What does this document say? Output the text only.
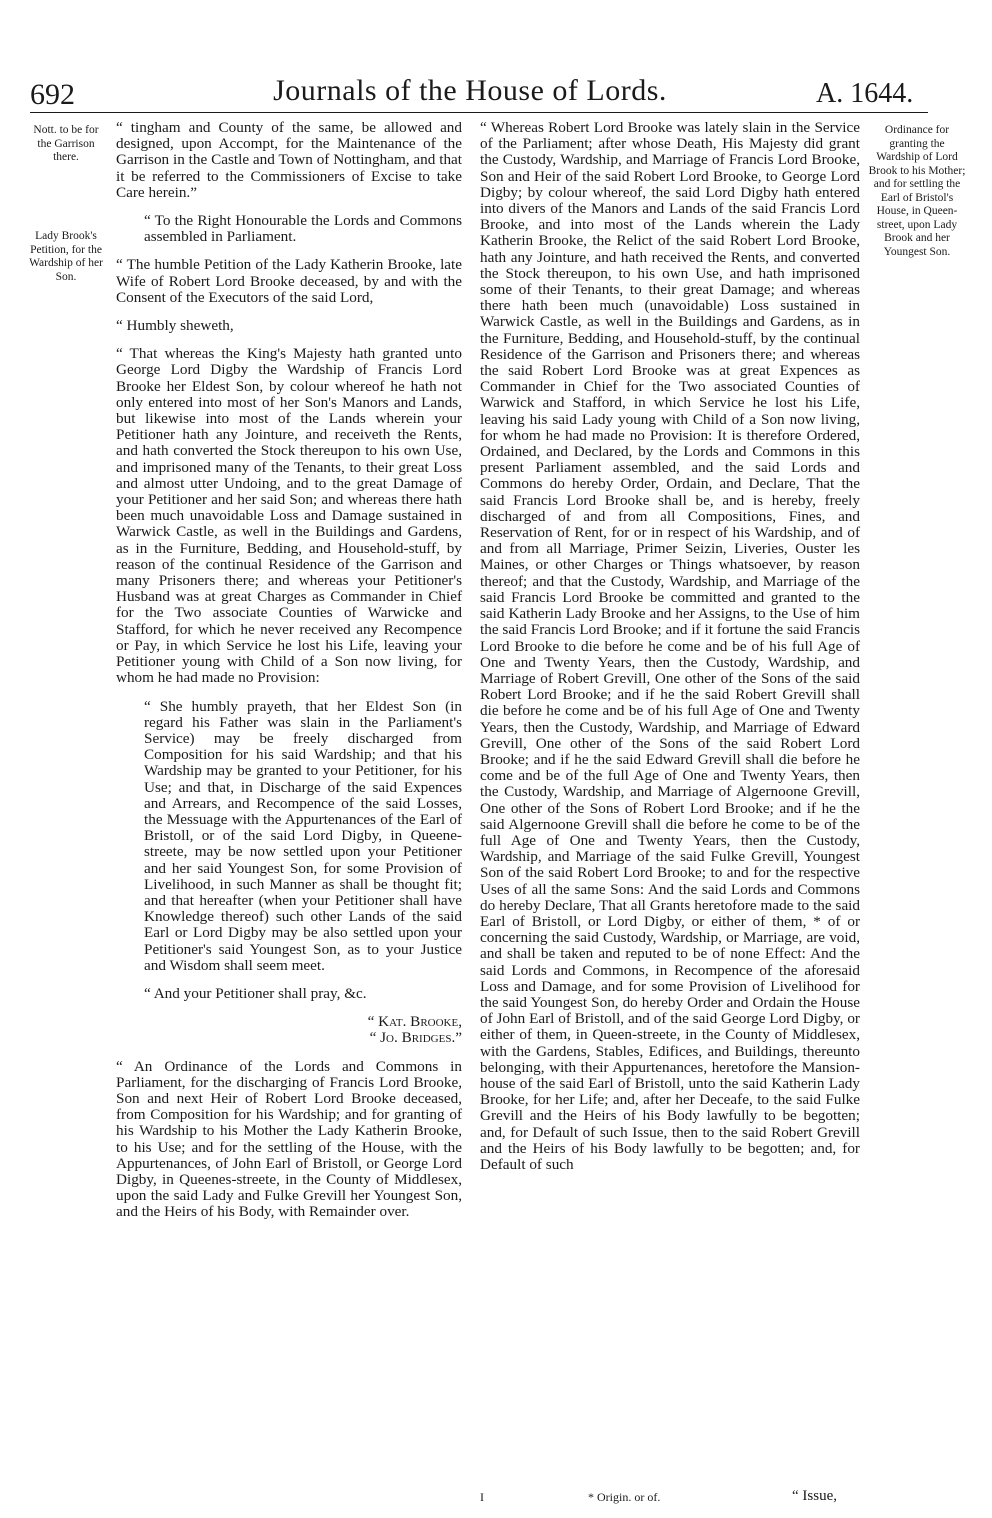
692	Journals of the House of Lords.	A. 1644.
Nott. to be for the Garrison there.
Lady Brook's Petition, for the Wardship of her Son.
Ordinance for granting the Wardship of Lord Brook to his Mother; and for settling the Earl of Bristol's House, in Queen-street, upon Lady Brook and her Youngest Son.

“ tingham and County of the same, be allowed and designed, upon Accompt, for the Maintenance of the Garrison in the Castle and Town of Nottingham, and that it be referred to the Commissioners of Excise to take Care herein.”

“ To the Right Honourable the Lords and Commons assembled in Parliament.

“ The humble Petition of the Lady Katherin Brooke, late Wife of Robert Lord Brooke deceased, by and with the Consent of the Executors of the said Lord,

“ Humbly sheweth,

“ That whereas the King's Majesty hath granted unto George Lord Digby the Wardship of Francis Lord Brooke her Eldest Son, by colour whereof he hath not only entered into most of her Son's Manors and Lands, but likewise into most of the Lands wherein your Petitioner hath any Jointure, and receiveth the Rents, and hath converted the Stock thereupon to his own Use, and imprisoned many of the Tenants, to their great Loss and almost utter Undoing, and to the great Damage of your Petitioner and her said Son; and whereas there hath been much unavoidable Loss and Damage sustained in Warwick Castle, as well in the Buildings and Gardens, as in the Furniture, Bedding, and Household-stuff, by reason of the continual Residence of the Garrison and many Prisoners there; and whereas your Petitioner's Husband was at great Charges as Commander in Chief for the Two associate Counties of Warwicke and Stafford, for which he never received any Recompence or Pay, in which Service he lost his Life, leaving your Petitioner young with Child of a Son now living, for whom he had made no Provision:

“ She humbly prayeth, that her Eldest Son (in regard his Father was slain in the Parliament's Service) may be freely discharged from Composition for his said Wardship; and that his Wardship may be granted to your Petitioner, for his Use; and that, in Discharge of the said Expences and Arrears, and Recompence of the said Losses, the Messuage with the Appurtenances of the Earl of Bristoll, or of the said Lord Digby, in Queene-streete, may be now settled upon your Petitioner and her said Youngest Son, for some Provision of Livelihood, in such Manner as shall be thought fit; and that hereafter (when your Petitioner shall have Knowledge thereof) such other Lands of the said Earl or Lord Digby may be also settled upon your Petitioner's said Youngest Son, as to your Justice and Wisdom shall seem meet.

“ And your Petitioner shall pray, &c.

“ Kat. Brooke,

“ Jo. Bridges.”

“ An Ordinance of the Lords and Commons in Parliament, for the discharging of Francis Lord Brooke, Son and next Heir of Robert Lord Brooke deceased, from Composition for his Wardship; and for granting of his Wardship to his Mother the Lady Katherin Brooke, to his Use; and for the settling of the House, with the Appurtenances, of John Earl of Bristoll, or George Lord Digby, in Queenes-streete, in the County of Middlesex, upon the said Lady and Fulke Grevill her Youngest Son, and the Heirs of his Body, with Remainder over.

“ Whereas Robert Lord Brooke was lately slain in the Service of the Parliament; after whose Death, His Majesty did grant the Custody, Wardship, and Marriage of Francis Lord Brooke, Son and Heir of the said Robert Lord Brooke, to George Lord Digby; by colour whereof, the said Lord Digby hath entered into divers of the Manors and Lands of the said Francis Lord Brooke, and into most of the Lands wherein the Lady Katherin Brooke, the Relict of the said Robert Lord Brooke, hath any Jointure, and hath received the Rents, and converted the Stock thereupon, to his own Use, and hath imprisoned some of their Tenants, to their great Damage; and whereas there hath been much (unavoidable) Loss sustained in Warwick Castle, as well in the Buildings and Gardens, as in the Furniture, Bedding, and Household-stuff, by the continual Residence of the Garrison and Prisoners there; and whereas the said Robert Lord Brooke was at great Expences as Commander in Chief for the Two associated Counties of Warwick and Stafford, in which Service he lost his Life, leaving his said Lady young with Child of a Son now living, for whom he had made no Provision: It is therefore Ordered, Ordained, and Declared, by the Lords and Commons in this present Parliament assembled, and the said Lords and Commons do hereby Order, Ordain, and Declare, That the said Francis Lord Brooke shall be, and is hereby, freely discharged of and from all Compositions, Fines, and Reservation of Rent, for or in respect of his Wardship, and of and from all Marriage, Primer Seizin, Liveries, Ouster les Maines, or other Charges or Things whatsoever, by reason thereof; and that the Custody, Wardship, and Marriage of the said Francis Lord Brooke be committed and granted to the said Katherin Lady Brooke and her Assigns, to the Use of him the said Francis Lord Brooke; and if it fortune the said Francis Lord Brooke to die before he come and be of his full Age of One and Twenty Years, then the Custody, Wardship, and Marriage of Robert Grevill, One other of the Sons of the said Robert Lord Brooke; and if he the said Robert Grevill shall die before he come and be of his full Age of One and Twenty Years, then the Custody, Wardship, and Marriage of Edward Grevill, One other of the Sons of the said Robert Lord Brooke; and if he the said Edward Grevill shall die before he come and be of the full Age of One and Twenty Years, then the Custody, Wardship, and Marriage of Algernoone Grevill, One other of the Sons of Robert Lord Brooke; and if he the said Algernoone Grevill shall die before he come to be of the full Age of One and Twenty Years, then the Custody, Wardship, and Marriage of the said Fulke Grevill, Youngest Son of the said Robert Lord Brooke; to and for the respective Uses of all the same Sons: And the said Lords and Commons do hereby Declare, That all Grants heretofore made to the said Earl of Bristoll, or Lord Digby, or either of them, * of or concerning the said Custody, Wardship, or Marriage, are void, and shall be taken and reputed to be of none Effect: And the said Lords and Commons, in Recompence of the aforesaid Loss and Damage, and for some Provision of Livelihood for the said Youngest Son, do hereby Order and Ordain the House of John Earl of Bristoll, and of the said George Lord Digby, or either of them, in Queen-streete, in the County of Middlesex, with the Gardens, Stables, Edifices, and Buildings, thereunto belonging, with their Appurtenances, heretofore the Mansion-house of the said Earl of Bristoll, unto the said Katherin Lady Brooke, for her Life; and, after her Deceafe, to the said Fulke Grevill and the Heirs of his Body lawfully to be begotten; and, for Default of such Issue, then to the said Robert Grevill and the Heirs of his Body lawfully to be begotten; and, for Default of such

I	* Origin. or of.	“ Issue,
